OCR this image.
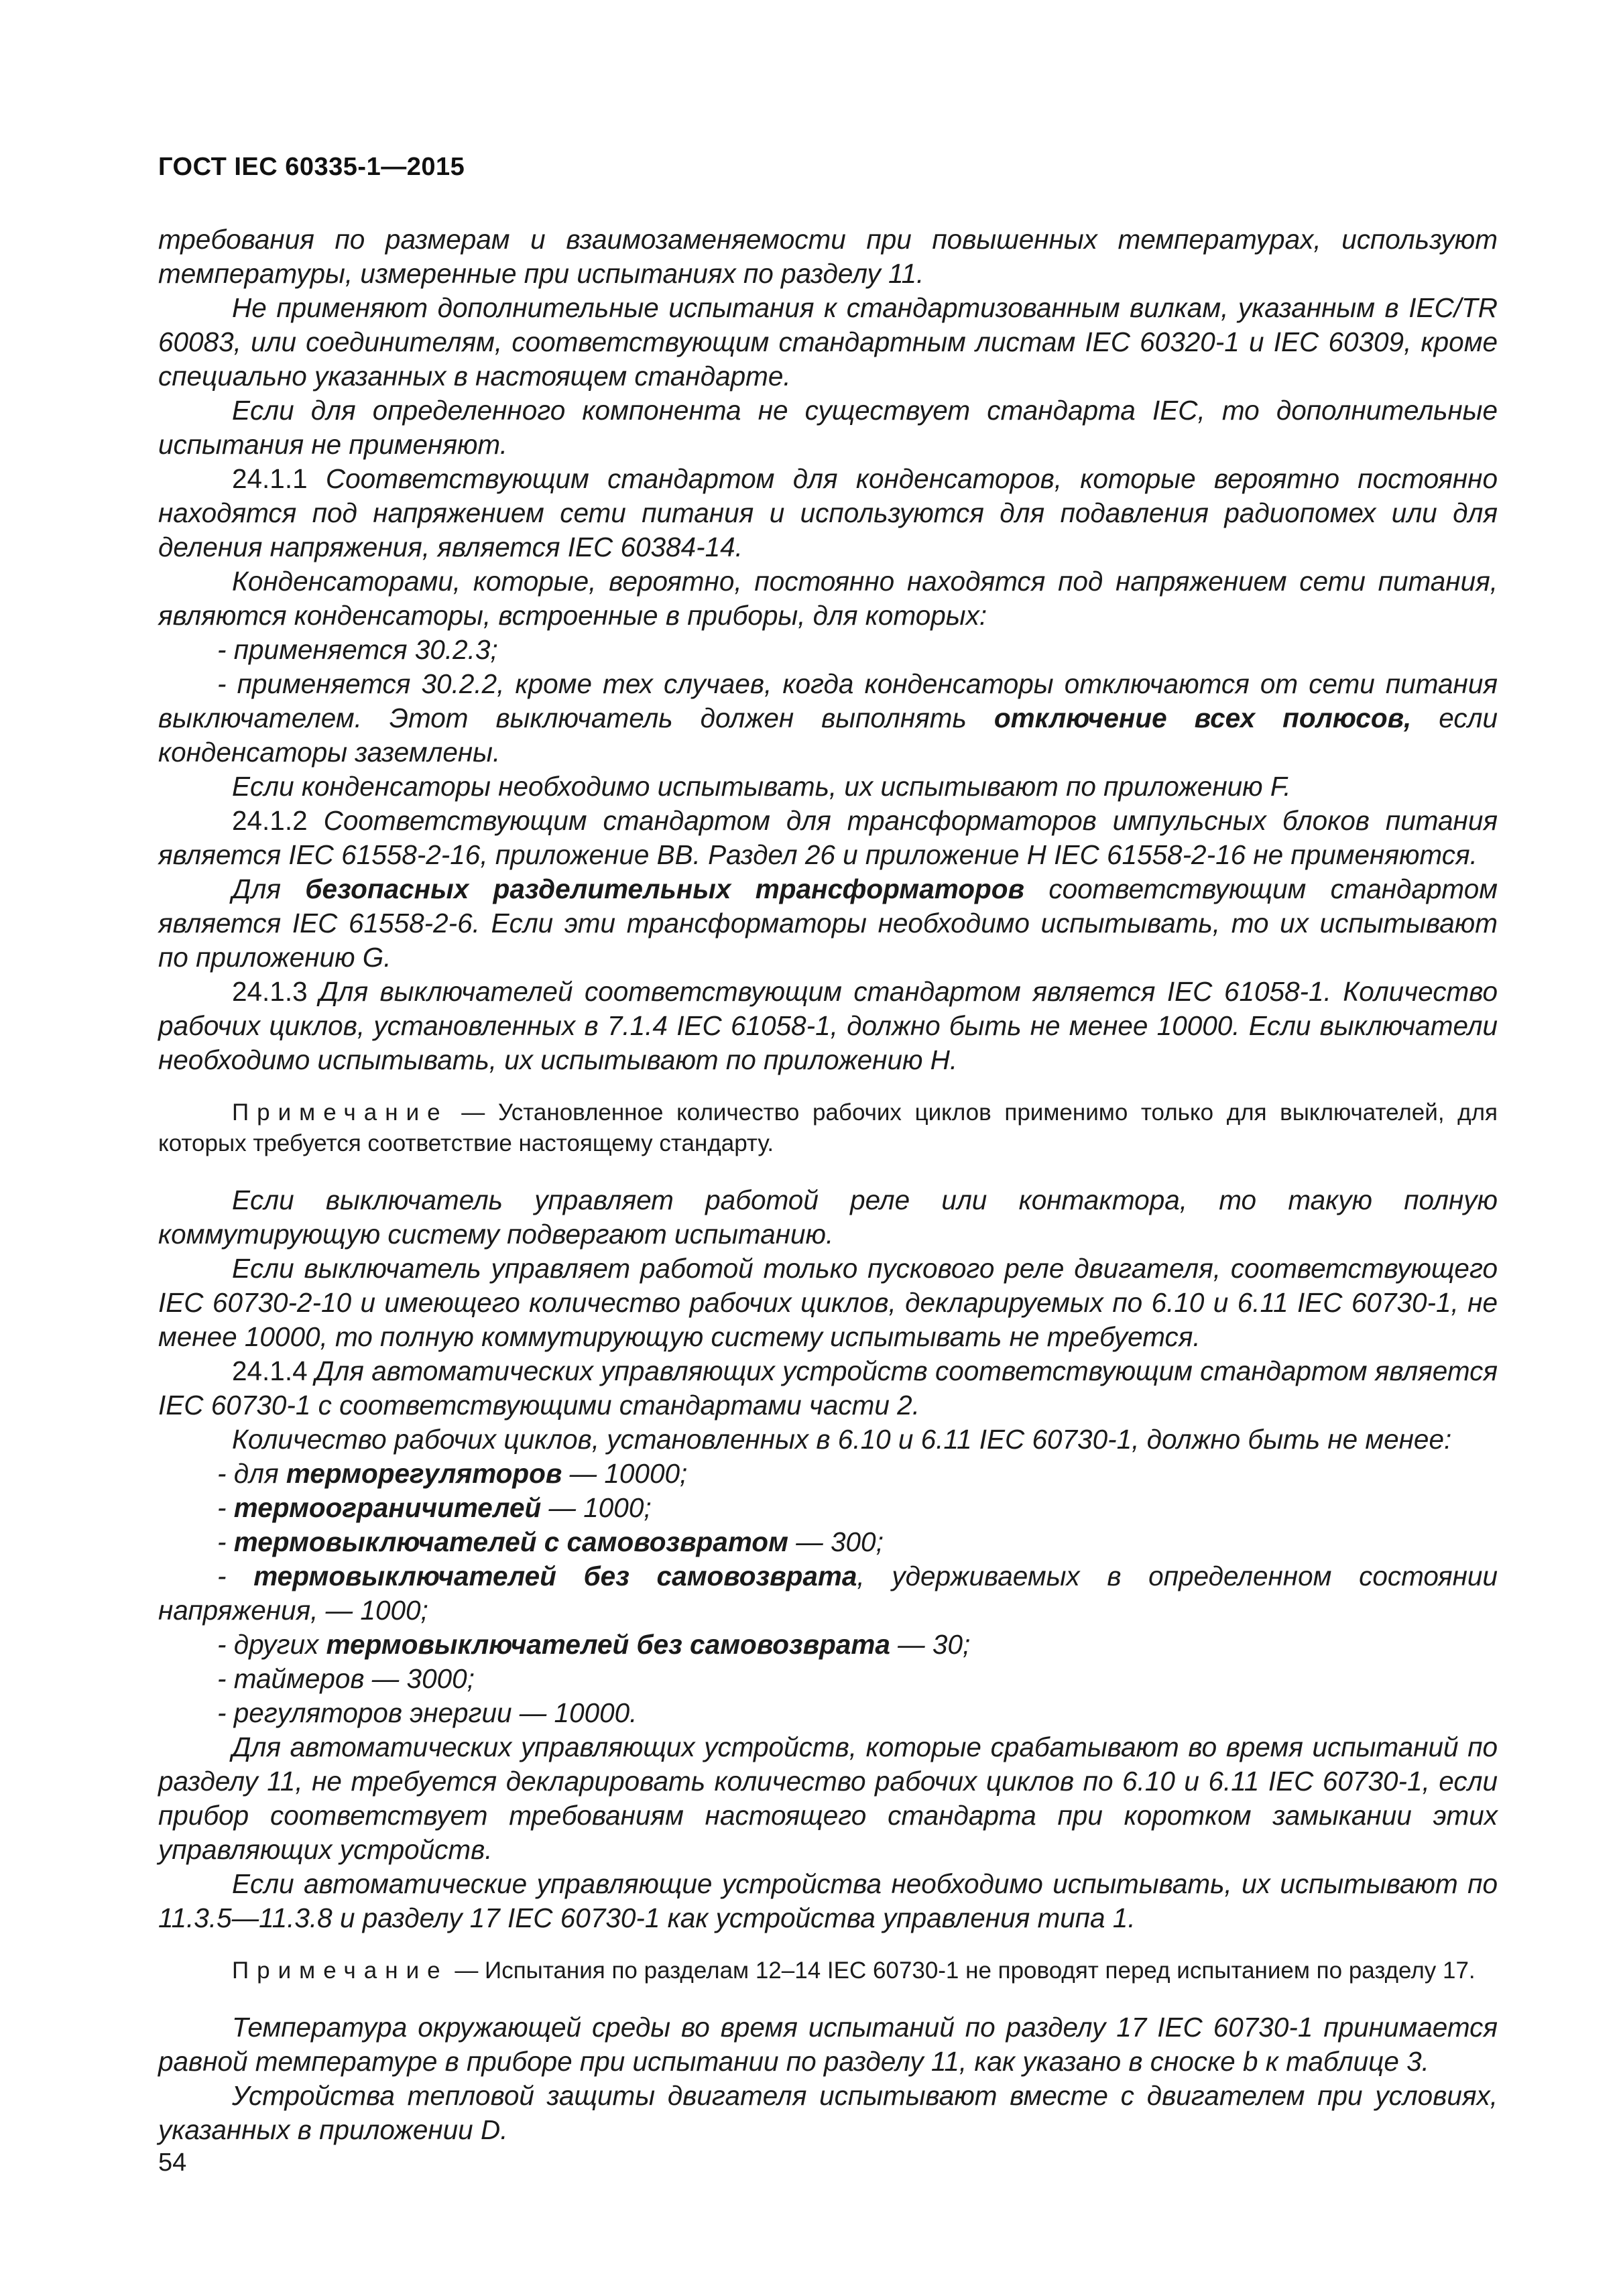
ГОСТ IEC 60335-1—2015

требования по размерам и взаимозаменяемости при повышенных температурах, используют температуры, измеренные при испытаниях по разделу 11.

Не применяют дополнительные испытания к стандартизованным вилкам, указанным в IEC/TR 60083, или соединителям, соответствующим стандартным листам IEC 60320-1 и IEC 60309, кроме специально указанных в настоящем стандарте.

Если для определенного компонента не существует стандарта IEC, то дополнительные испытания не применяют.

24.1.1 Соответствующим стандартом для конденсаторов, которые вероятно постоянно находятся под напряжением сети питания и используются для подавления радиопомех или для деления напряжения, является IEC 60384-14.

Конденсаторами, которые, вероятно, постоянно находятся под напряжением сети питания, являются конденсаторы, встроенные в приборы, для которых:

- применяется 30.2.3;

- применяется 30.2.2, кроме тех случаев, когда конденсаторы отключаются от сети питания выключателем. Этот выключатель должен выполнять отключение всех полюсов, если конденсаторы заземлены.

Если конденсаторы необходимо испытывать, их испытывают по приложению F.

24.1.2 Соответствующим стандартом для трансформаторов импульсных блоков питания является IEC 61558-2-16, приложение BB. Раздел 26 и приложение H IEC 61558-2-16 не применяются.

Для безопасных разделительных трансформаторов соответствующим стандартом является IEC 61558-2-6. Если эти трансформаторы необходимо испытывать, то их испытывают по приложению G.

24.1.3 Для выключателей соответствующим стандартом является IEC 61058-1. Количество рабочих циклов, установленных в 7.1.4 IEC 61058-1, должно быть не менее 10000. Если выключатели необходимо испытывать, их испытывают по приложению H.

Примечание — Установленное количество рабочих циклов применимо только для выключателей, для которых требуется соответствие настоящему стандарту.

Если выключатель управляет работой реле или контактора, то такую полную коммутирующую систему подвергают испытанию.

Если выключатель управляет работой только пускового реле двигателя, соответствующего IEC 60730-2-10 и имеющего количество рабочих циклов, декларируемых по 6.10 и 6.11 IEC 60730-1, не менее 10000, то полную коммутирующую систему испытывать не требуется.

24.1.4 Для автоматических управляющих устройств соответствующим стандартом является IEC 60730-1 с соответствующими стандартами части 2.

Количество рабочих циклов, установленных в 6.10 и 6.11 IEC 60730-1, должно быть не менее:

- для терморегуляторов — 10000;

- термоограничителей — 1000;

- термовыключателей с самовозвратом — 300;

- термовыключателей без самовозврата, удерживаемых в определенном состоянии напряжения, — 1000;

- других термовыключателей без самовозврата — 30;

- таймеров — 3000;

- регуляторов энергии — 10000.

Для автоматических управляющих устройств, которые срабатывают во время испытаний по разделу 11, не требуется декларировать количество рабочих циклов по 6.10 и 6.11 IEC 60730-1, если прибор соответствует требованиям настоящего стандарта при коротком замыкании этих управляющих устройств.

Если автоматические управляющие устройства необходимо испытывать, их испытывают по 11.3.5—11.3.8 и разделу 17 IEC 60730-1 как устройства управления типа 1.

Примечание — Испытания по разделам 12–14 IEC 60730-1 не проводят перед испытанием по разделу 17.

Температура окружающей среды во время испытаний по разделу 17 IEC 60730-1 принимается равной температуре в приборе при испытании по разделу 11, как указано в сноске b к таблице 3.

Устройства тепловой защиты двигателя испытывают вместе с двигателем при условиях, указанных в приложении D.

54
